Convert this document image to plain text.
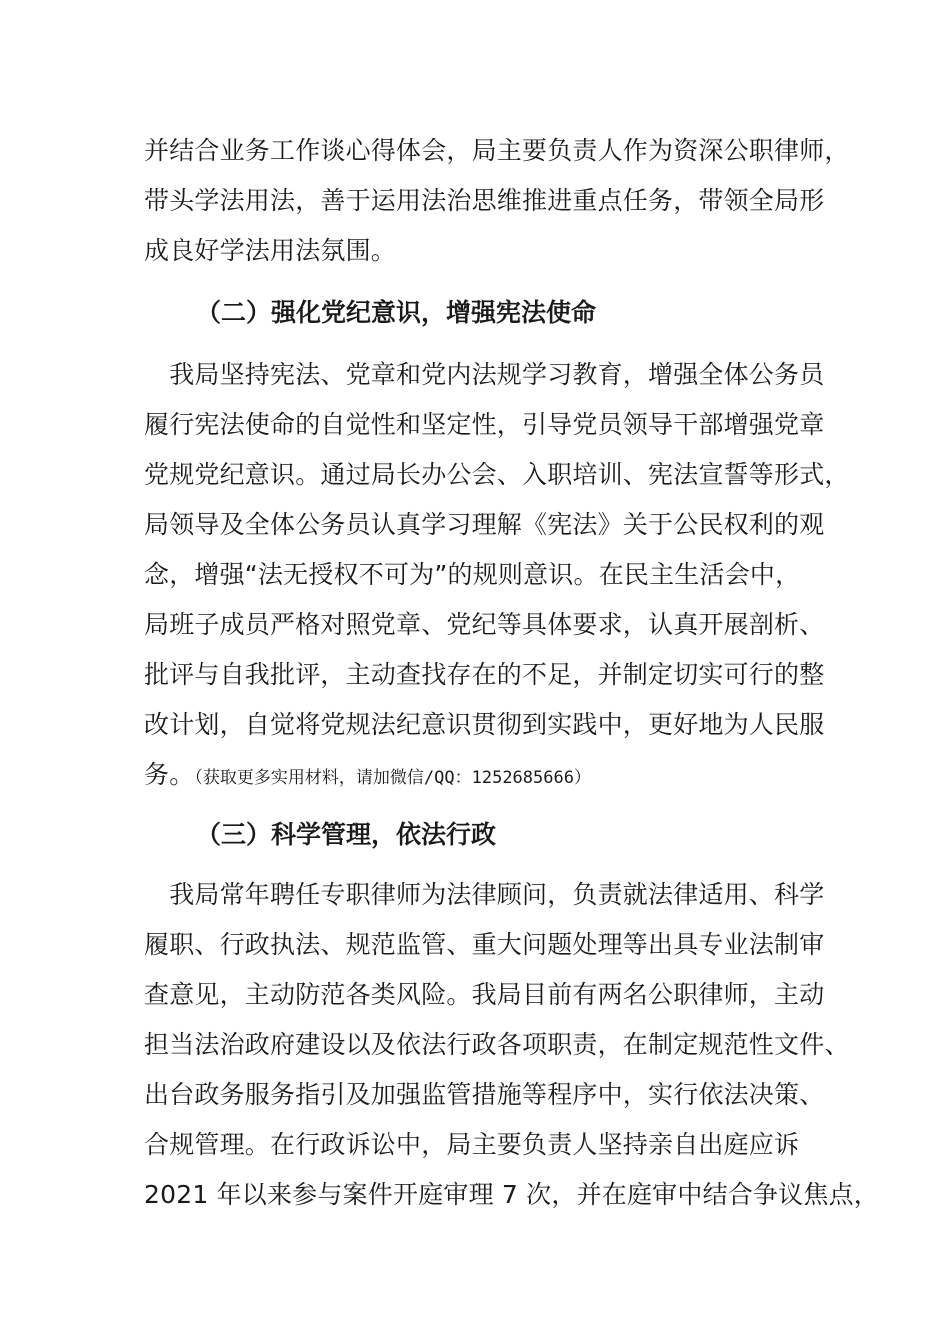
并结合业务工作谈心得体会，局主要负责人作为资深公职律师，
带头学法用法，善于运用法治思维推进重点任务，带领全局形
成良好学法用法氛围。
（二）强化党纪意识，增强宪法使命
　我局坚持宪法、党章和党内法规学习教育，增强全体公务员
履行宪法使命的自觉性和坚定性，引导党员领导干部增强党章
党规党纪意识。通过局长办公会、入职培训、宪法宣誓等形式，
局领导及全体公务员认真学习理解《宪法》关于公民权利的观
念，增强“法无授权不可为”的规则意识。在民主生活会中，
局班子成员严格对照党章、党纪等具体要求，认真开展剖析、
批评与自我批评，主动查找存在的不足，并制定切实可行的整
改计划，自觉将党规法纪意识贯彻到实践中，更好地为人民服
务。（获取更多实用材料，请加微信/QQ：1252685666）
（三）科学管理，依法行政
　我局常年聘任专职律师为法律顾问，负责就法律适用、科学
履职、行政执法、规范监管、重大问题处理等出具专业法制审
查意见，主动防范各类风险。我局目前有两名公职律师，主动
担当法治政府建设以及依法行政各项职责，在制定规范性文件、
出台政务服务指引及加强监管措施等程序中，实行依法决策、
合规管理。在行政诉讼中，局主要负责人坚持亲自出庭应诉
2021 年以来参与案件开庭审理 7 次，并在庭审中结合争议焦点，
